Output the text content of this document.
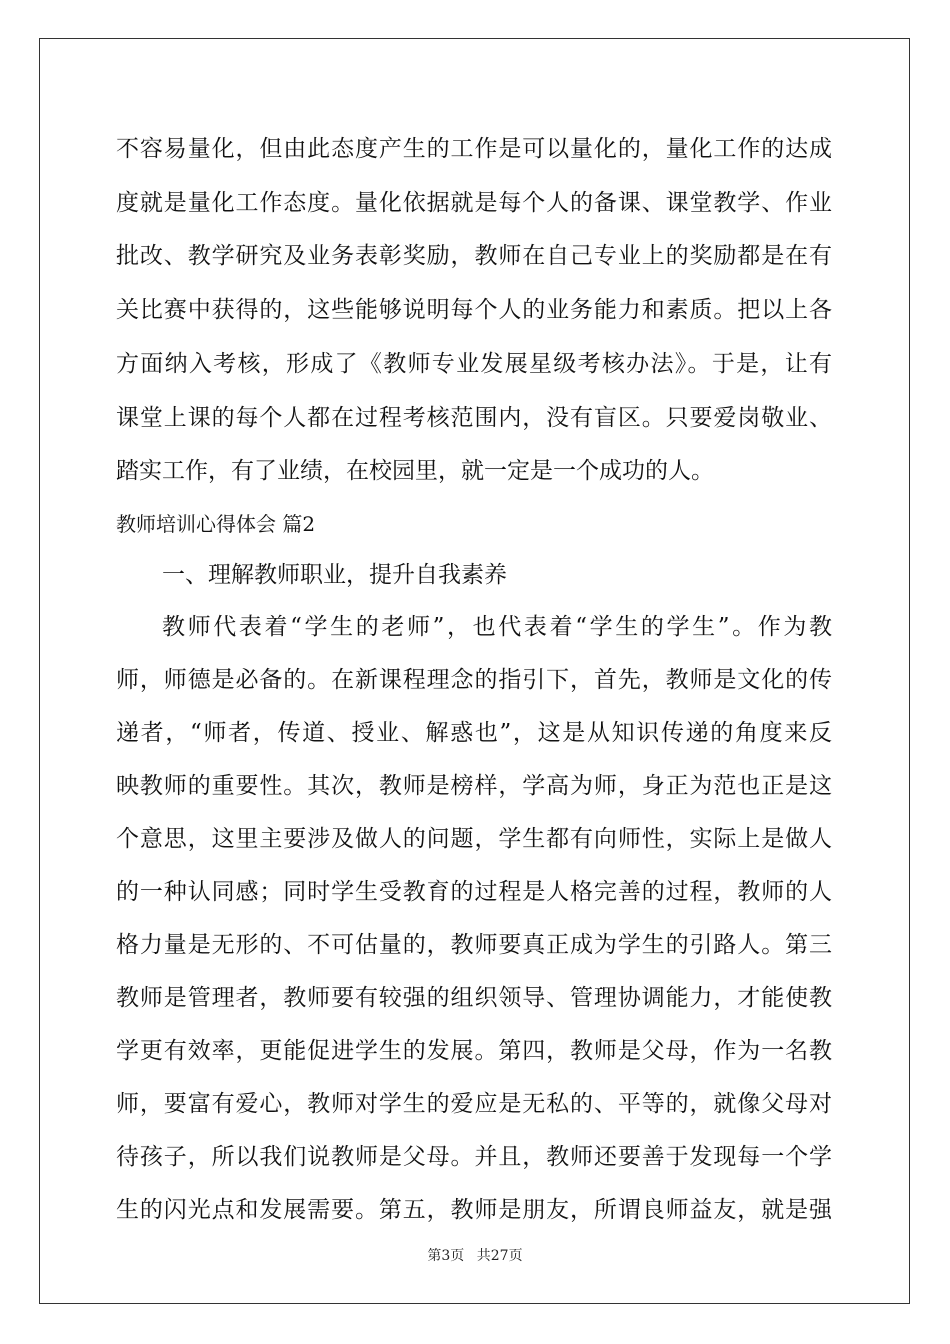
不容易量化，但由此态度产生的工作是可以量化的，量化工作的达成
度就是量化工作态度。量化依据就是每个人的备课、课堂教学、作业
批改、教学研究及业务表彰奖励，教师在自己专业上的奖励都是在有
关比赛中获得的，这些能够说明每个人的业务能力和素质。把以上各
方面纳入考核，形成了《教师专业发展星级考核办法》。于是，让有
课堂上课的每个人都在过程考核范围内，没有盲区。只要爱岗敬业、
踏实工作，有了业绩，在校园里，就一定是一个成功的人。
教师培训心得体会 篇2
一、理解教师职业，提升自我素养
教师代表着“学生的老师”，也代表着“学生的学生”。作为教
师，师德是必备的。在新课程理念的指引下，首先，教师是文化的传
递者，“师者，传道、授业、解惑也”，这是从知识传递的角度来反
映教师的重要性。其次，教师是榜样，学高为师，身正为范也正是这
个意思，这里主要涉及做人的问题，学生都有向师性，实际上是做人
的一种认同感；同时学生受教育的过程是人格完善的过程，教师的人
格力量是无形的、不可估量的，教师要真正成为学生的引路人。第三
教师是管理者，教师要有较强的组织领导、管理协调能力，才能使教
学更有效率，更能促进学生的发展。第四，教师是父母，作为一名教
师，要富有爱心，教师对学生的爱应是无私的、平等的，就像父母对
待孩子，所以我们说教师是父母。并且，教师还要善于发现每一个学
生的闪光点和发展需要。第五，教师是朋友，所谓良师益友，就是强
第3页 共27页
